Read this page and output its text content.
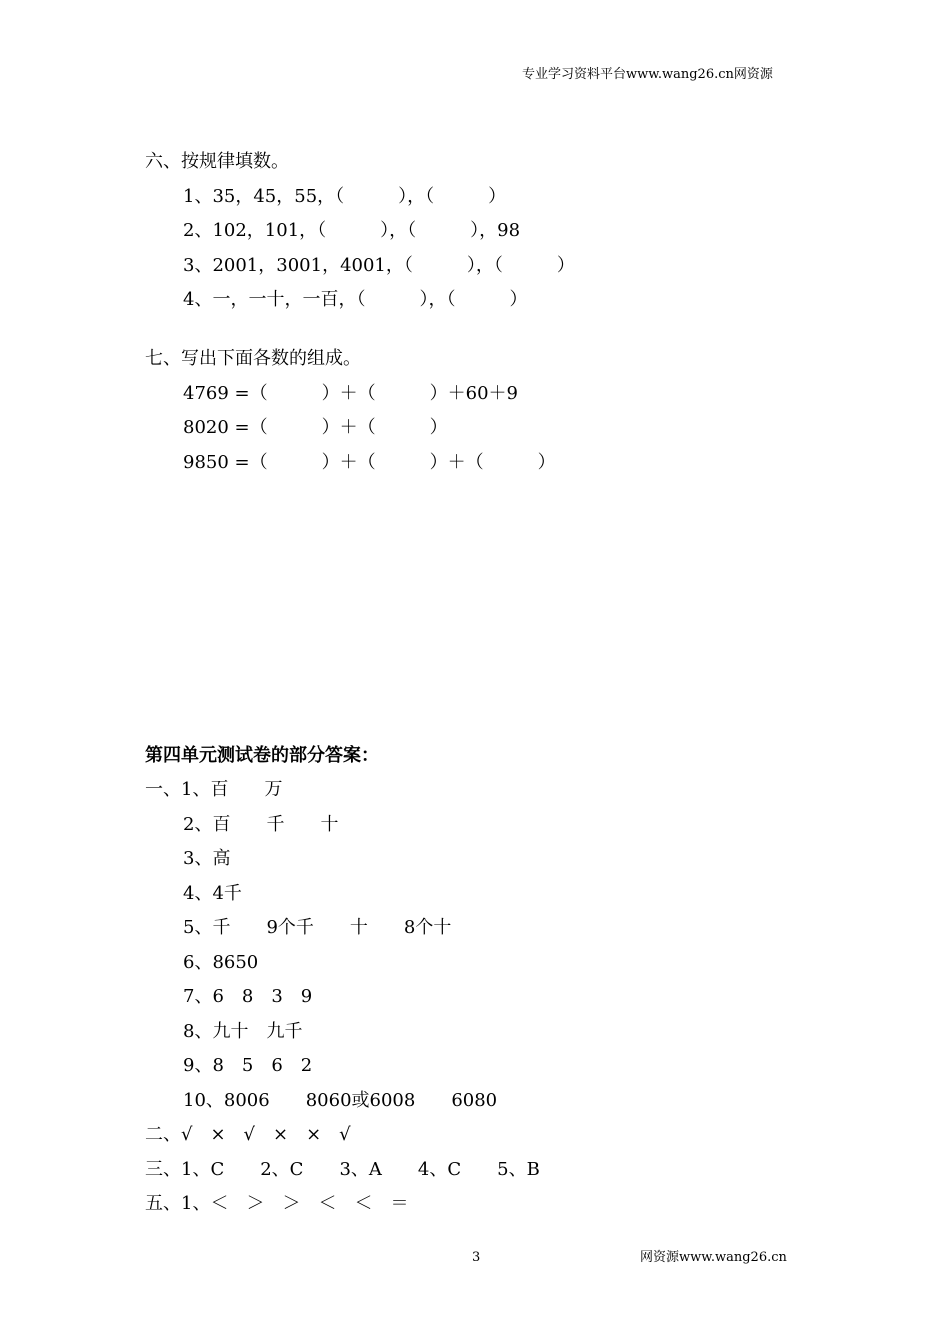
专业学习资料平台www.wang26.cn网资源
六、按规律填数。
1、35，45，55，（　　　），（　　　）
2、102，101，（　　　），（　　　），98
3、2001，3001，4001，（　　　），（　　　）
4、一，一十，一百，（　　　），（　　　）
七、写出下面各数的组成。
4769 =（　　　）＋（　　　）＋60＋9
8020 =（　　　）＋（　　　）
9850 =（　　　）＋（　　　）＋（　　　）
第四单元测试卷的部分答案：
一、1、百　　万
2、百　　千　　十
3、高
4、4千
5、千　　9个千　　十　　8个十
6、8650
7、6　8　3　9
8、九十　九千
9、8　5　6　2
10、8006　　8060或6008　　6080
二、√　×　√　×　×　√
三、1、C　　2、C　　3、A　　4、C　　5、B
五、1、＜　＞　＞　＜　＜　＝
3	网资源www.wang26.cn
